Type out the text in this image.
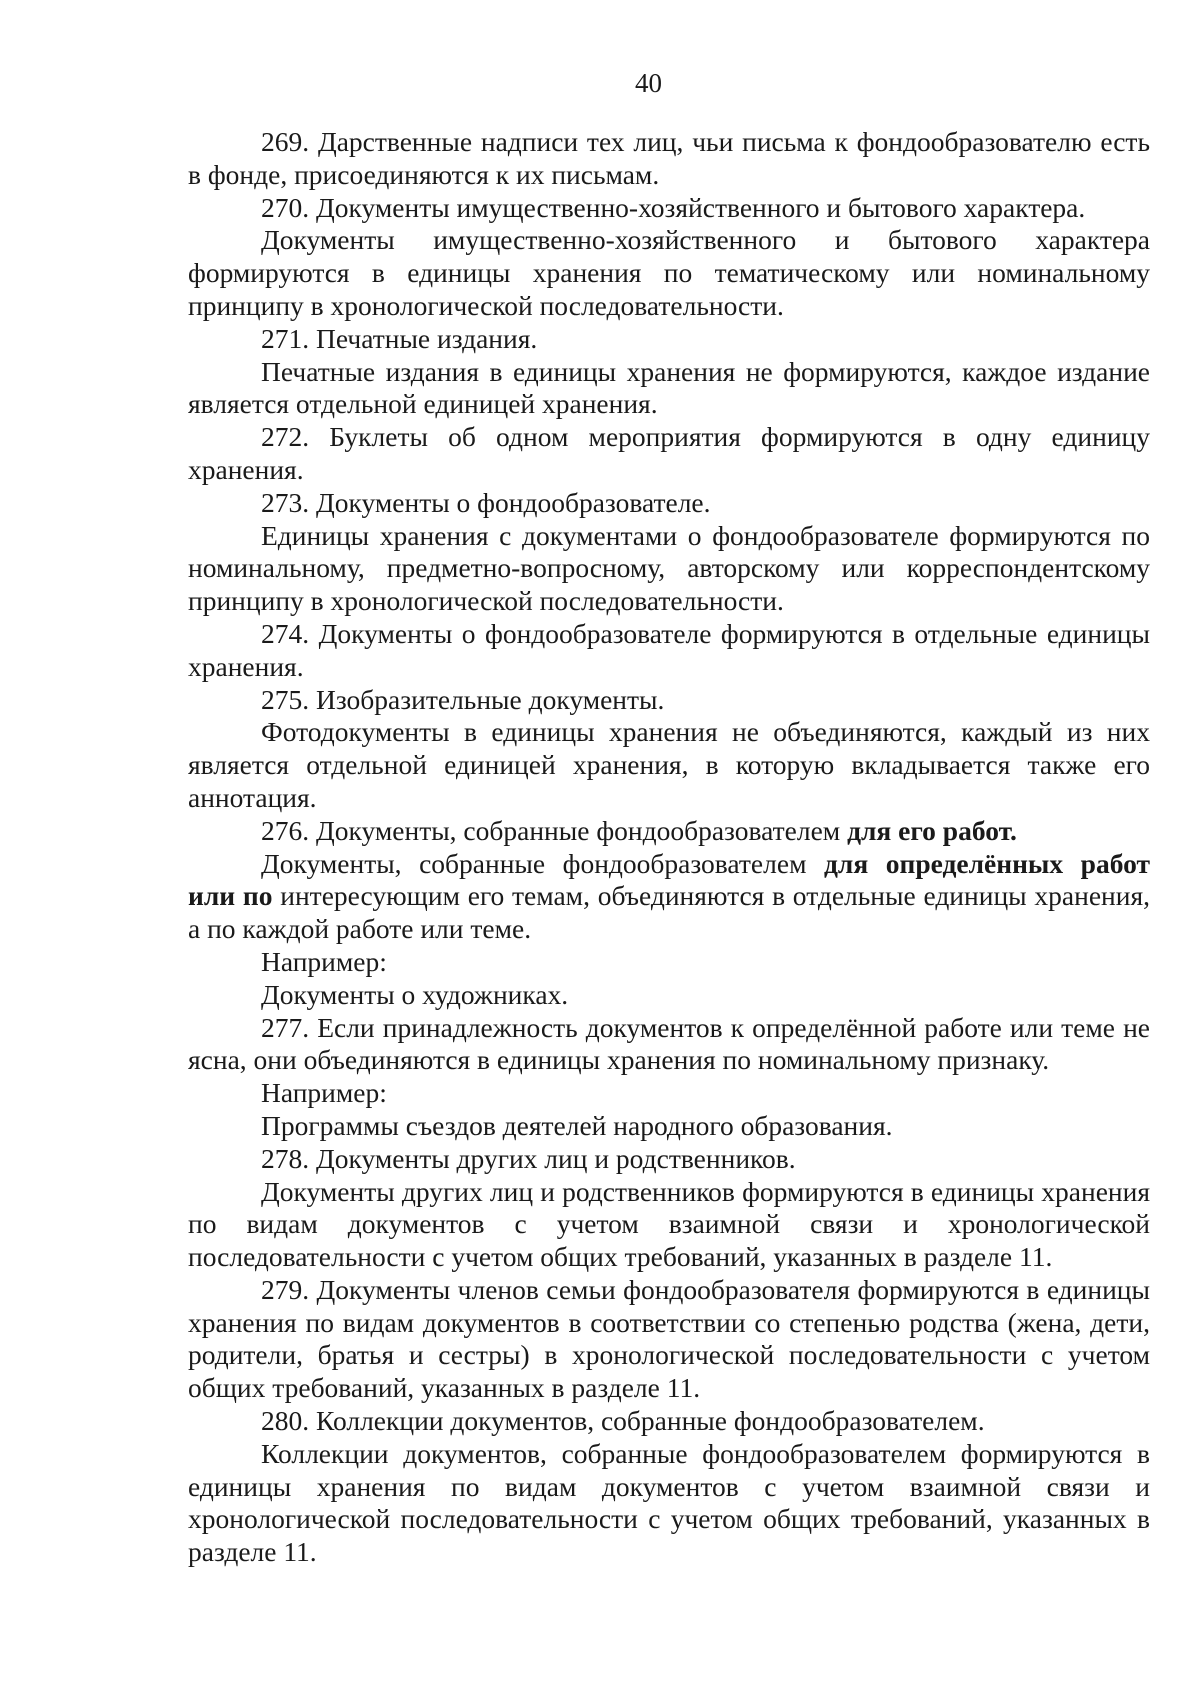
40

269. Дарственные надписи тех лиц, чьи письма к фондообразователю есть в фонде, присоединяются к их письмам.

270. Документы имущественно-хозяйственного и бытового характера.

Документы имущественно-хозяйственного и бытового характера формируются в единицы хранения по тематическому или номинальному принципу в хронологической последовательности.

271. Печатные издания.

Печатные издания в единицы хранения не формируются, каждое издание является отдельной единицей хранения.

272. Буклеты об одном мероприятия формируются в одну единицу хранения.

273. Документы о фондообразователе.

Единицы хранения с документами о фондообразователе формируются по номинальному, предметно-вопросному, авторскому или корреспондентскому принципу в хронологической последовательности.

274. Документы о фондообразователе формируются в отдельные единицы хранения.

275. Изобразительные документы.

Фотодокументы в единицы хранения не объединяются, каждый из них является отдельной единицей хранения, в которую вкладывается также его аннотация.

276. Документы, собранные фондообразователем для его работ.

Документы, собранные фондообразователем для определённых работ или по интересующим его темам, объединяются в отдельные единицы хранения, а по каждой работе или теме.

Например:

Документы о художниках.

277. Если принадлежность документов к определённой работе или теме не ясна, они объединяются в единицы хранения по номинальному признаку.

Например:

Программы съездов деятелей народного образования.

278. Документы других лиц и родственников.

Документы других лиц и родственников формируются в единицы хранения по видам документов с учетом взаимной связи и хронологической последовательности с учетом общих требований, указанных в разделе 11.

279. Документы членов семьи фондообразователя формируются в единицы хранения по видам документов в соответствии со степенью родства (жена, дети, родители, братья и сестры) в хронологической последовательности с учетом общих требований, указанных в разделе 11.

280. Коллекции документов, собранные фондообразователем.

Коллекции документов, собранные фондообразователем формируются в единицы хранения по видам документов с учетом взаимной связи и хронологической последовательности с учетом общих требований, указанных в разделе 11.
